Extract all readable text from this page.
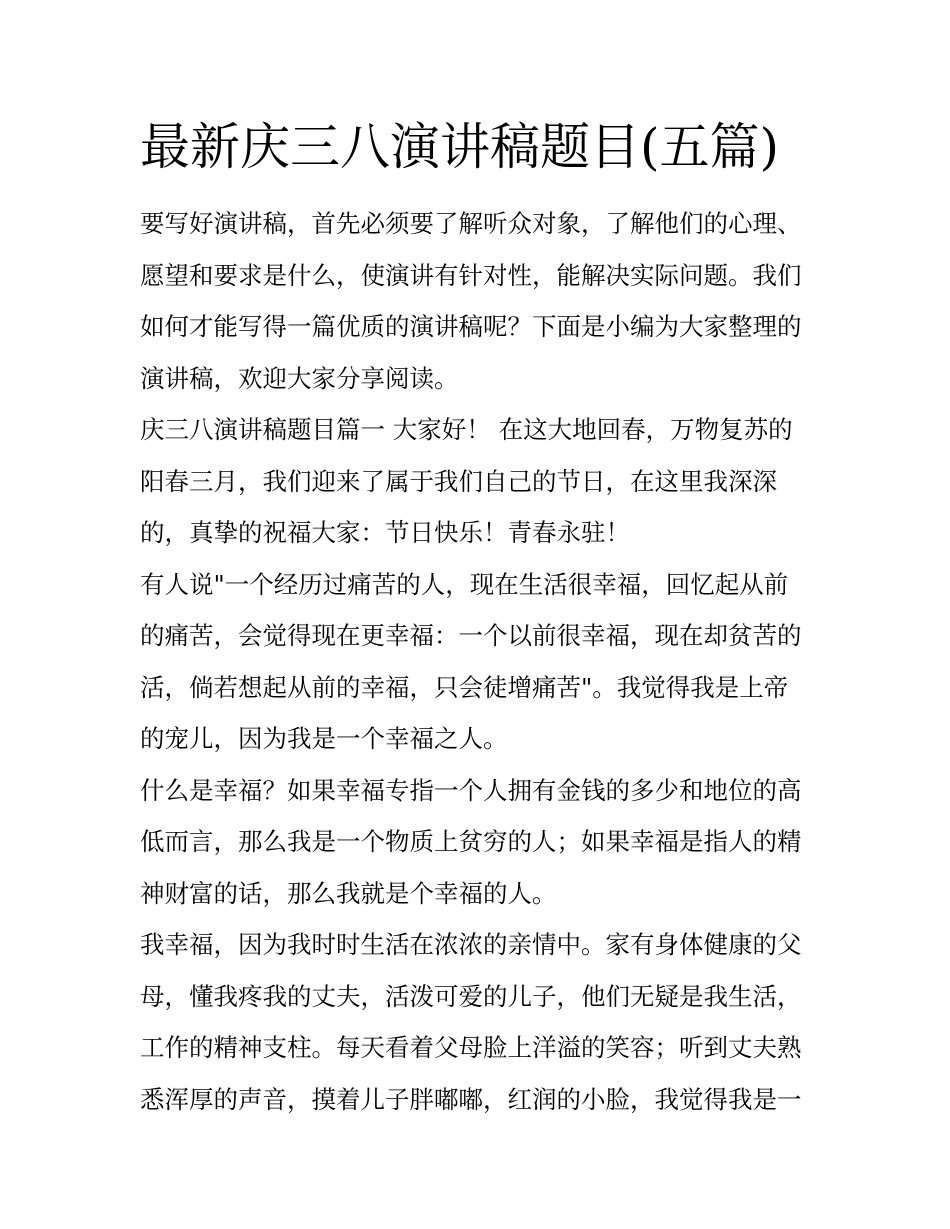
最新庆三八演讲稿题目(五篇)
要写好演讲稿，首先必须要了解听众对象，了解他们的心理、
愿望和要求是什么，使演讲有针对性，能解决实际问题。我们
如何才能写得一篇优质的演讲稿呢？下面是小编为大家整理的
演讲稿，欢迎大家分享阅读。
庆三八演讲稿题目篇一 大家好！ 在这大地回春，万物复苏的
阳春三月，我们迎来了属于我们自己的节日，在这里我深深
的，真挚的祝福大家：节日快乐！青春永驻！
有人说"一个经历过痛苦的人，现在生活很幸福，回忆起从前
的痛苦，会觉得现在更幸福：一个以前很幸福，现在却贫苦的
活，倘若想起从前的幸福，只会徒增痛苦"。我觉得我是上帝
的宠儿，因为我是一个幸福之人。
什么是幸福？如果幸福专指一个人拥有金钱的多少和地位的高
低而言，那么我是一个物质上贫穷的人；如果幸福是指人的精
神财富的话，那么我就是个幸福的人。
我幸福，因为我时时生活在浓浓的亲情中。家有身体健康的父
母，懂我疼我的丈夫，活泼可爱的儿子，他们无疑是我生活，
工作的精神支柱。每天看着父母脸上洋溢的笑容；听到丈夫熟
悉浑厚的声音，摸着儿子胖嘟嘟，红润的小脸，我觉得我是一
